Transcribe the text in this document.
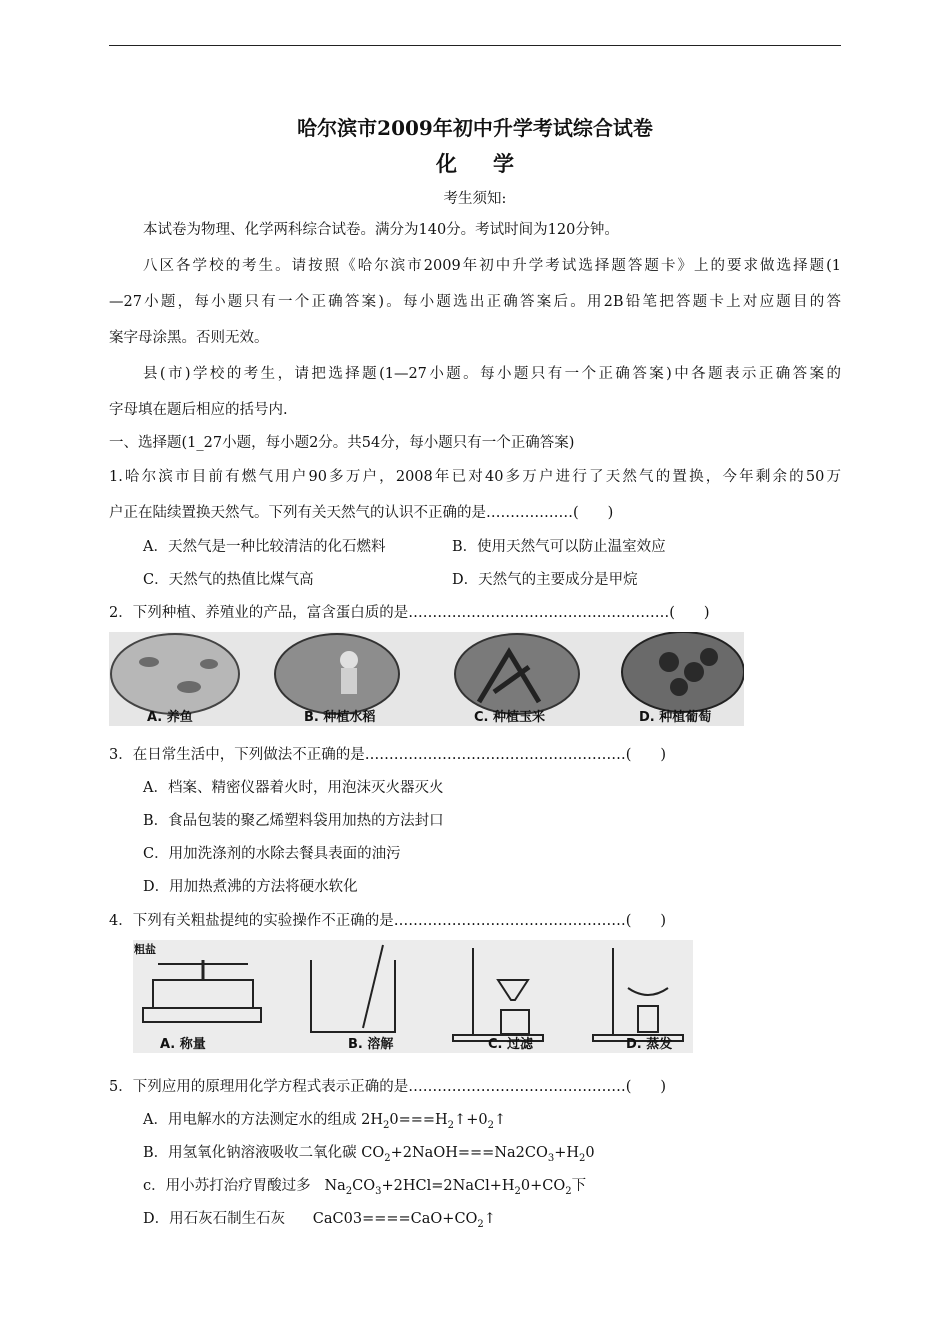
哈尔滨市2009年初中升学考试综合试卷
化学
考生须知:
本试卷为物理、化学两科综合试卷。满分为140分。考试时间为120分钟。
八区各学校的考生。请按照《哈尔滨市2009年初中升学考试选择题答题卡》上的要求做选择题(1
—27小题，每小题只有一个正确答案)。每小题选出正确答案后。用2B铅笔把答题卡上对应题目的答
案字母涂黑。否则无效。
县(市)学校的考生，请把选择题(1—27小题。每小题只有一个正确答案)中各题表示正确答案的
字母填在题后相应的括号内.
一、选择题(1_27小题，每小题2分。共54分，每小题只有一个正确答案)
1.哈尔滨市目前有燃气用户90多万户，2008年已对40多万户进行了天然气的置换，今年剩余的50万
户正在陆续置换天然气。下列有关天然气的认识不正确的是………………(　　)
A．天然气是一种比较清洁的化石燃料	B．使用天然气可以防止温室效应
C．天然气的热值比煤气高	D．天然气的主要成分是甲烷
2．下列种植、养殖业的产品，富含蛋白质的是………………………………………………(　　)
A. 养鱼	B. 种植水稻	C. 种植玉米	D. 种植葡萄
3．在日常生活中，下列做法不正确的是………………………………………………(　　)
A．档案、精密仪器着火时，用泡沫灭火器灭火
B．食品包装的聚乙烯塑料袋用加热的方法封口
C．用加洗涤剂的水除去餐具表面的油污
D．用加热煮沸的方法将硬水软化
4．下列有关粗盐提纯的实验操作不正确的是…………………………………………(　　)
粗盐
A. 称量	B. 溶解	C. 过滤	D. 蒸发
5．下列应用的原理用化学方程式表示正确的是………………………………………(　　)
A．用电解水的方法测定水的组成 $2H_20===H_2↑+0_2↑$
B．用氢氧化钠溶液吸收二氧化碳 $CO_2+2NaOH===Na2CO_3+H_20$
c．用小苏打治疗胃酸过多   $Na_2CO_3+2HCl=2NaCl+H_20+CO_2$下
D．用石灰石制生石灰      $CaC03====CaO+CO_2↑$
